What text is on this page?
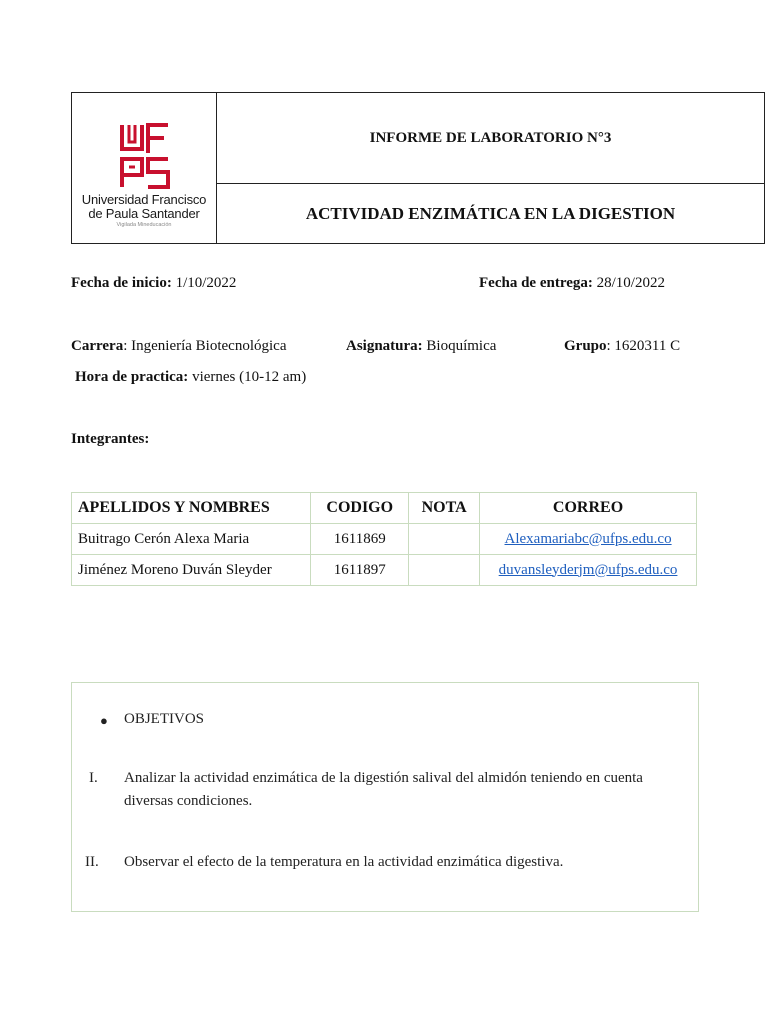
UFPS
Universidad Francisco
de Paula Santander
Vigilada Mineducación
INFORME DE LABORATORIO N°3
ACTIVIDAD ENZIMÁTICA EN LA DIGESTION
Fecha de inicio: 1/10/2022	Fecha de entrega: 28/10/2022
Carrera: Ingeniería Biotecnológica	Asignatura: Bioquímica	Grupo: 1620311 C
Hora de practica: viernes (10-12 am)
Integrantes:
APELLIDOS Y NOMBRES	CODIGO	NOTA	CORREO
Buitrago Cerón Alexa Maria	1611869		Alexamariabc@ufps.edu.co
Jiménez Moreno Duván Sleyder	1611897		duvansleyderjm@ufps.edu.co
● OBJETIVOS
I. Analizar la actividad enzimática de la digestión salival del almidón teniendo en cuenta
diversas condiciones.
II. Observar el efecto de la temperatura en la actividad enzimática digestiva.
